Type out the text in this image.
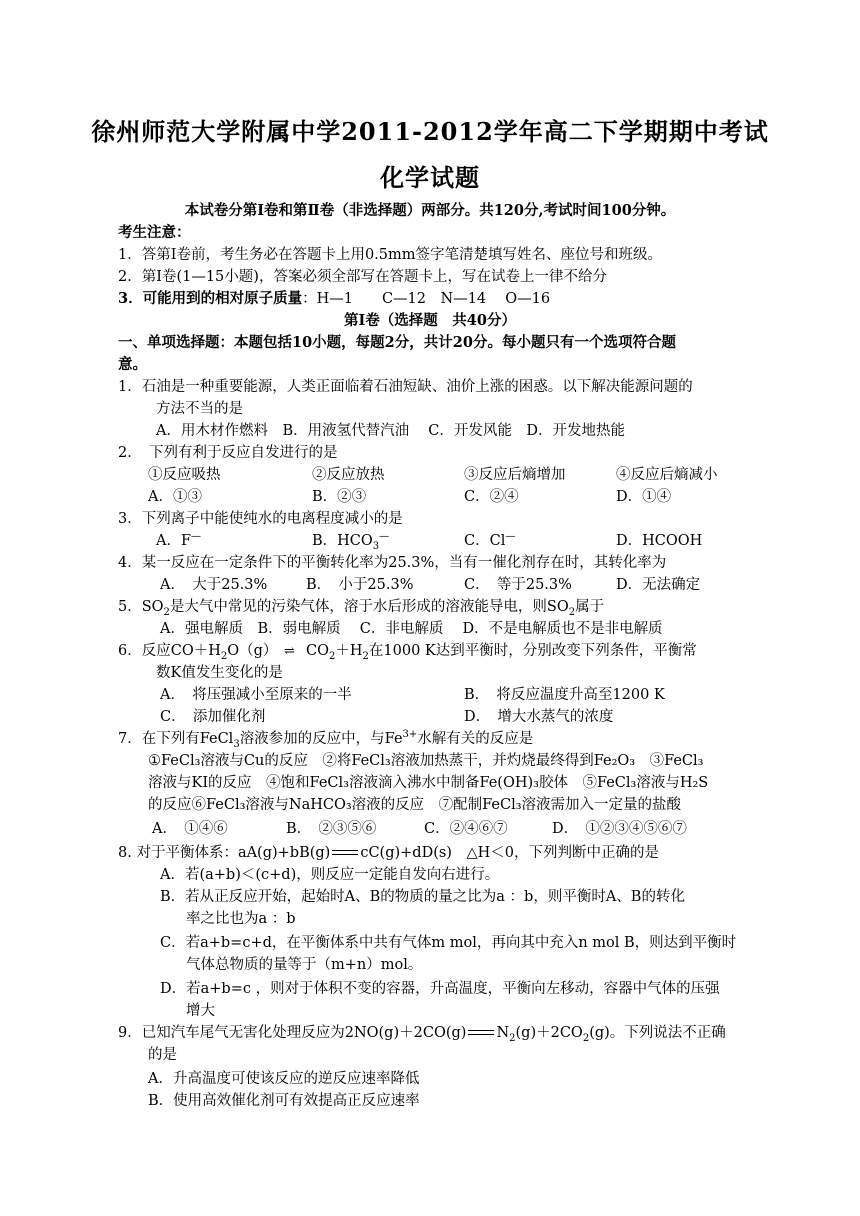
徐州师范大学附属中学2011-2012学年高二下学期期中考试
化学试题
本试卷分第Ⅰ卷和第Ⅱ卷（非选择题）两部分。共120分,考试时间100分钟。
考生注意：
1．答第I卷前，考生务必在答题卡上用0.5mm签字笔清楚填写姓名、座位号和班级。
2．第I卷(1—15小题)，答案必须全部写在答题卡上，写在试卷上一律不给分
3．可能用到的相对原子质量：H—1　　C—12　N—14　 O—16
第Ⅰ卷（选择题　共40分）
一、单项选择题：本题包括10小题，每题2分，共计20分。每小题只有一个选项符合题
意。
1．石油是一种重要能源，人类正面临着石油短缺、油价上涨的困惑。以下解决能源问题的
方法不当的是
A．用木材作燃料　B．用液氢代替汽油　 C．开发风能　D．开发地热能
2．　下列有利于反应自发进行的是
①反应吸热	②反应放热	③反应后熵增加	④反应后熵减小
A．①③	B．②③	C．②④	D．①④
3．下列离子中能使纯水的电离程度减小的是
A．F—	B．$HCO_3^—$	C．Cl—	D．HCOOH
4．某一反应在一定条件下的平衡转化率为25.3%，当有一催化剂存在时，其转化率为
A．　大于25.3%	B．　小于25.3%	C．　等于25.3%	D．无法确定
5．$SO_2$是大气中常见的污染气体，溶于水后形成的溶液能导电，则$SO_2$属于
A．强电解质　B．弱电解质　 C．非电解质　 D．不是电解质也不是非电解质
6．反应$CO+H_2O(g)$ ⇌ $CO_2+H_2$在1000 K达到平衡时，分别改变下列条件，平衡常
数K值发生变化的是
A．　将压强减小至原来的一半	B．　将反应温度升高至1200 K
C．　添加催化剂	D．　增大水蒸气的浓度
7．在下列有FeCl$_3$溶液参加的反应中，与$Fe^{3+}$水解有关的反应是
①FeCl₃溶液与Cu的反应　②将FeCl₃溶液加热蒸干，并灼烧最终得到Fe₂O₃　③FeCl₃
溶液与KI的反应　④饱和FeCl₃溶液滴入沸水中制备Fe(OH)₃胶体　⑤FeCl₃溶液与H₂S
的反应⑥FeCl₃溶液与NaHCO₃溶液的反应　⑦配制FeCl₃溶液需加入一定量的盐酸
A．　①④⑥	B．　②③⑤⑥	C．②④⑥⑦	D．　①②③④⑤⑥⑦
8. 对于平衡体系：aA(g)+bB(g) cC(g)+dD(s)　△H＜0，下列判断中正确的是
A．若(a+b)＜(c+d)，则反应一定能自发向右进行。
B．若从正反应开始，起始时A、B的物质的量之比为a ：b，则平衡时A、B的转化
率之比也为a ：b
C．若a+b=c+d，在平衡体系中共有气体m mol，再向其中充入n mol B，则达到平衡时
气体总物质的量等于（m+n）mol。
D．若a+b=c ，则对于体积不变的容器，升高温度，平衡向左移动，容器中气体的压强
增大
9．已知汽车尾气无害化处理反应为2NO(g)＋2CO(g) $N_2(g)+2CO_2(g)$。下列说法不正确
的是
A．升高温度可使该反应的逆反应速率降低
B．使用高效催化剂可有效提高正反应速率
